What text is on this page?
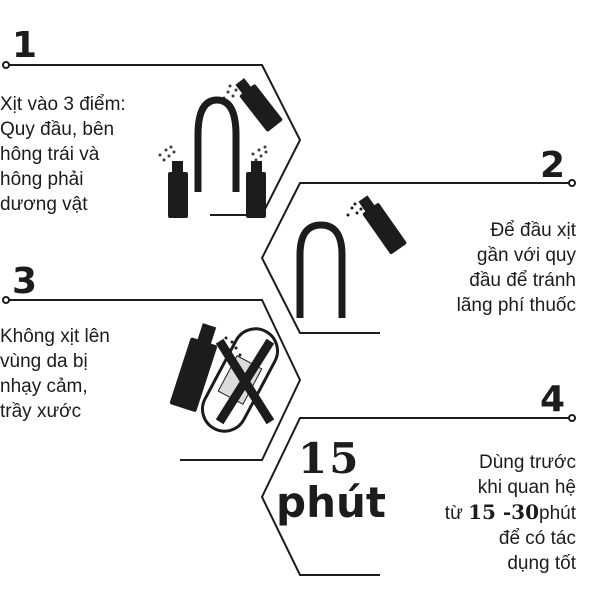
1
Xịt vào 3 điểm:
Quy đầu, bên
hông trái và
hông phải
dương vật
2
Để đầu xịt
gần với quy
đầu để tránh
lãng phí thuốc
3
Không xịt lên
vùng da bị
nhạy cảm,
trầy xước	4
Dùng trước
khi quan hệ
từ 15 -30phút
để có tác
dụng tốt
15
phút
